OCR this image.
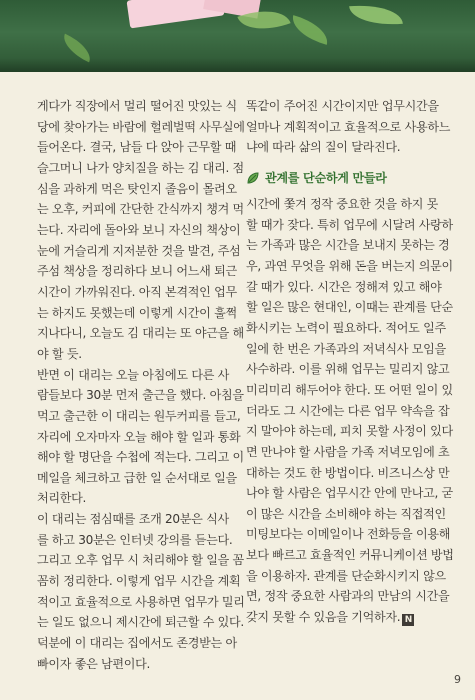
게다가 직장에서 멀리 떨어진 맛있는 식

당에 찾아가는 바람에 헐레벌떡 사무실에

들어온다. 결국, 남들 다 앉아 근무할 때

슬그머니 나가 양치질을 하는 김 대리. 점

심을 과하게 먹은 탓인지 졸음이 몰려오

는 오후, 커피에 간단한 간식까지 챙겨 먹

는다. 자리에 돌아와 보니 자신의 책상이

눈에 거슬리게 지저분한 것을 발견, 주섬

주섬 책상을 정리하다 보니 어느새 퇴근

시간이 가까워진다. 아직 본격적인 업무

는 하지도 못했는데 이렇게 시간이 훌쩍

지나다니, 오늘도 김 대리는 또 야근을 해

야 할 듯.

반면 이 대리는 오늘 아침에도 다른 사

람들보다 30분 먼저 출근을 했다. 아침을

먹고 출근한 이 대리는 원두커피를 들고,

자리에 오자마자 오늘 해야 할 일과 통화

해야 할 명단을 수첩에 적는다. 그리고 이

메일을 체크하고 급한 일 순서대로 일을

처리한다.

이 대리는 점심때를 조개 20분은 식사

를 하고 30분은 인터넷 강의를 듣는다.

그리고 오후 업무 시 처리해야 할 일을 꼼

꼼히 정리한다. 이렇게 업무 시간을 계획

적이고 효율적으로 사용하면 업무가 밀리

는 일도 없으니 제시간에 퇴근할 수 있다.

덕분에 이 대리는 집에서도 존경받는 아

빠이자 좋은 남편이다.

똑같이 주어진 시간이지만 업무시간을

얼마나 계획적이고 효율적으로 사용하느

냐에 따라 삶의 질이 달라진다.

관계를 단순하게 만들라

시간에 쫓겨 정작 중요한 것을 하지 못

할 때가 잦다. 특히 업무에 시달려 사랑하

는 가족과 많은 시간을 보내지 못하는 경

우, 과연 무엇을 위해 돈을 버는지 의문이

갈 때가 있다. 시간은 정해져 있고 해야

할 일은 많은 현대인, 이때는 관계를 단순

화시키는 노력이 필요하다. 적어도 일주

일에 한 번은 가족과의 저녁식사 모임을

사수하라. 이를 위해 업무는 밀리지 않고

미리미리 해두어야 한다. 또 어떤 일이 있

더라도 그 시간에는 다른 업무 약속을 잡

지 말아야 하는데, 피치 못할 사정이 있다

면 만나야 할 사람을 가족 저녁모임에 초

대하는 것도 한 방법이다. 비즈니스상 만

나야 할 사람은 업무시간 안에 만나고, 굳

이 많은 시간을 소비해야 하는 직접적인

미팅보다는 이메일이나 전화등을 이용해

보다 빠르고 효율적인 커뮤니케이션 방법

을 이용하자. 관계를 단순화시키지 않으

면, 정작 중요한 사람과의 만남의 시간을

갖지 못할 수 있음을 기억하자. N

9
